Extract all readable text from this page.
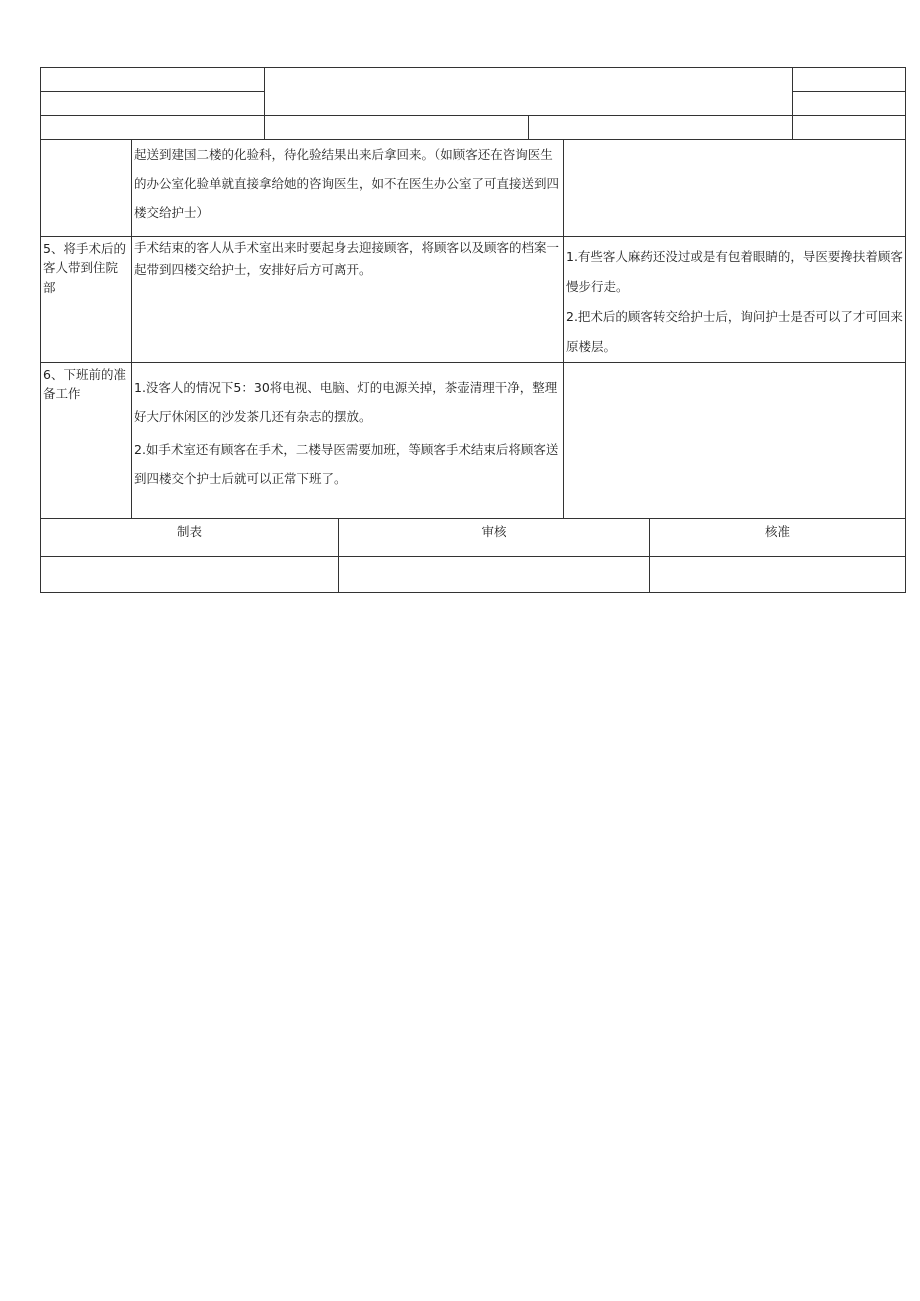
	起送到建国二楼的化验科，待化验结果出来后拿回来。（如顾客还在咨询医生的办公室化验单就直接拿给她的咨询医生，如不在医生办公室了可直接送到四楼交给护士）	

5、将手术后的客人带到住院部	手术结束的客人从手术室出来时要起身去迎接顾客，将顾客以及顾客的档案一起带到四楼交给护士，安排好后方可离开。	1.有些客人麻药还没过或是有包着眼睛的，导医要搀扶着顾客慢步行走。

2.把术后的顾客转交给护士后，询问护士是否可以了才可回来原楼层。

6、下班前的准备工作	1.没客人的情况下5：30将电视、电脑、灯的电源关掉，茶壶清理干净，整理好大厅休闲区的沙发茶几还有杂志的摆放。

2.如手术室还有顾客在手术，二楼导医需要加班，等顾客手术结束后将顾客送到四楼交个护士后就可以正常下班了。	

制表	审核	核准
